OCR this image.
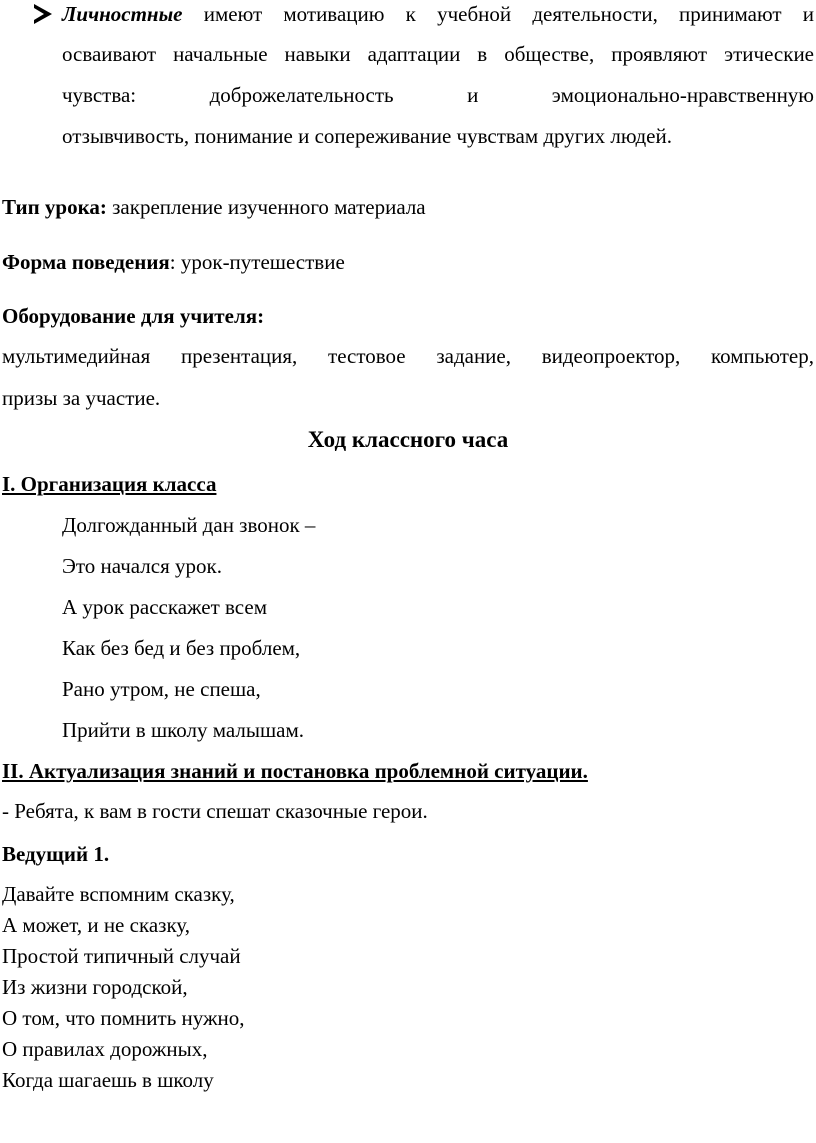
Личностные имеют мотивацию к учебной деятельности, принимают и
осваивают начальные навыки адаптации в обществе, проявляют этические
чувства: доброжелательность и эмоционально-нравственную
отзывчивость, понимание и сопереживание чувствам других людей.
Тип урока: закрепление изученного материала
Форма поведения: урок-путешествие
Оборудование для учителя:
мультимедийная презентация, тестовое задание, видеопроектор, компьютер,
призы за участие.
Ход классного часа
I. Организация класса
Долгожданный дан звонок –
Это начался урок.
А урок расскажет всем
Как без бед и без проблем,
Рано утром, не спеша,
Прийти в школу малышам.
II. Актуализация знаний и постановка проблемной ситуации.
- Ребята, к вам в гости спешат сказочные герои.
Ведущий 1.
Давайте вспомним сказку,
А может, и не сказку,
Простой типичный случай
Из жизни городской,
О том, что помнить нужно,
О правилах дорожных,
Когда шагаешь в школу
